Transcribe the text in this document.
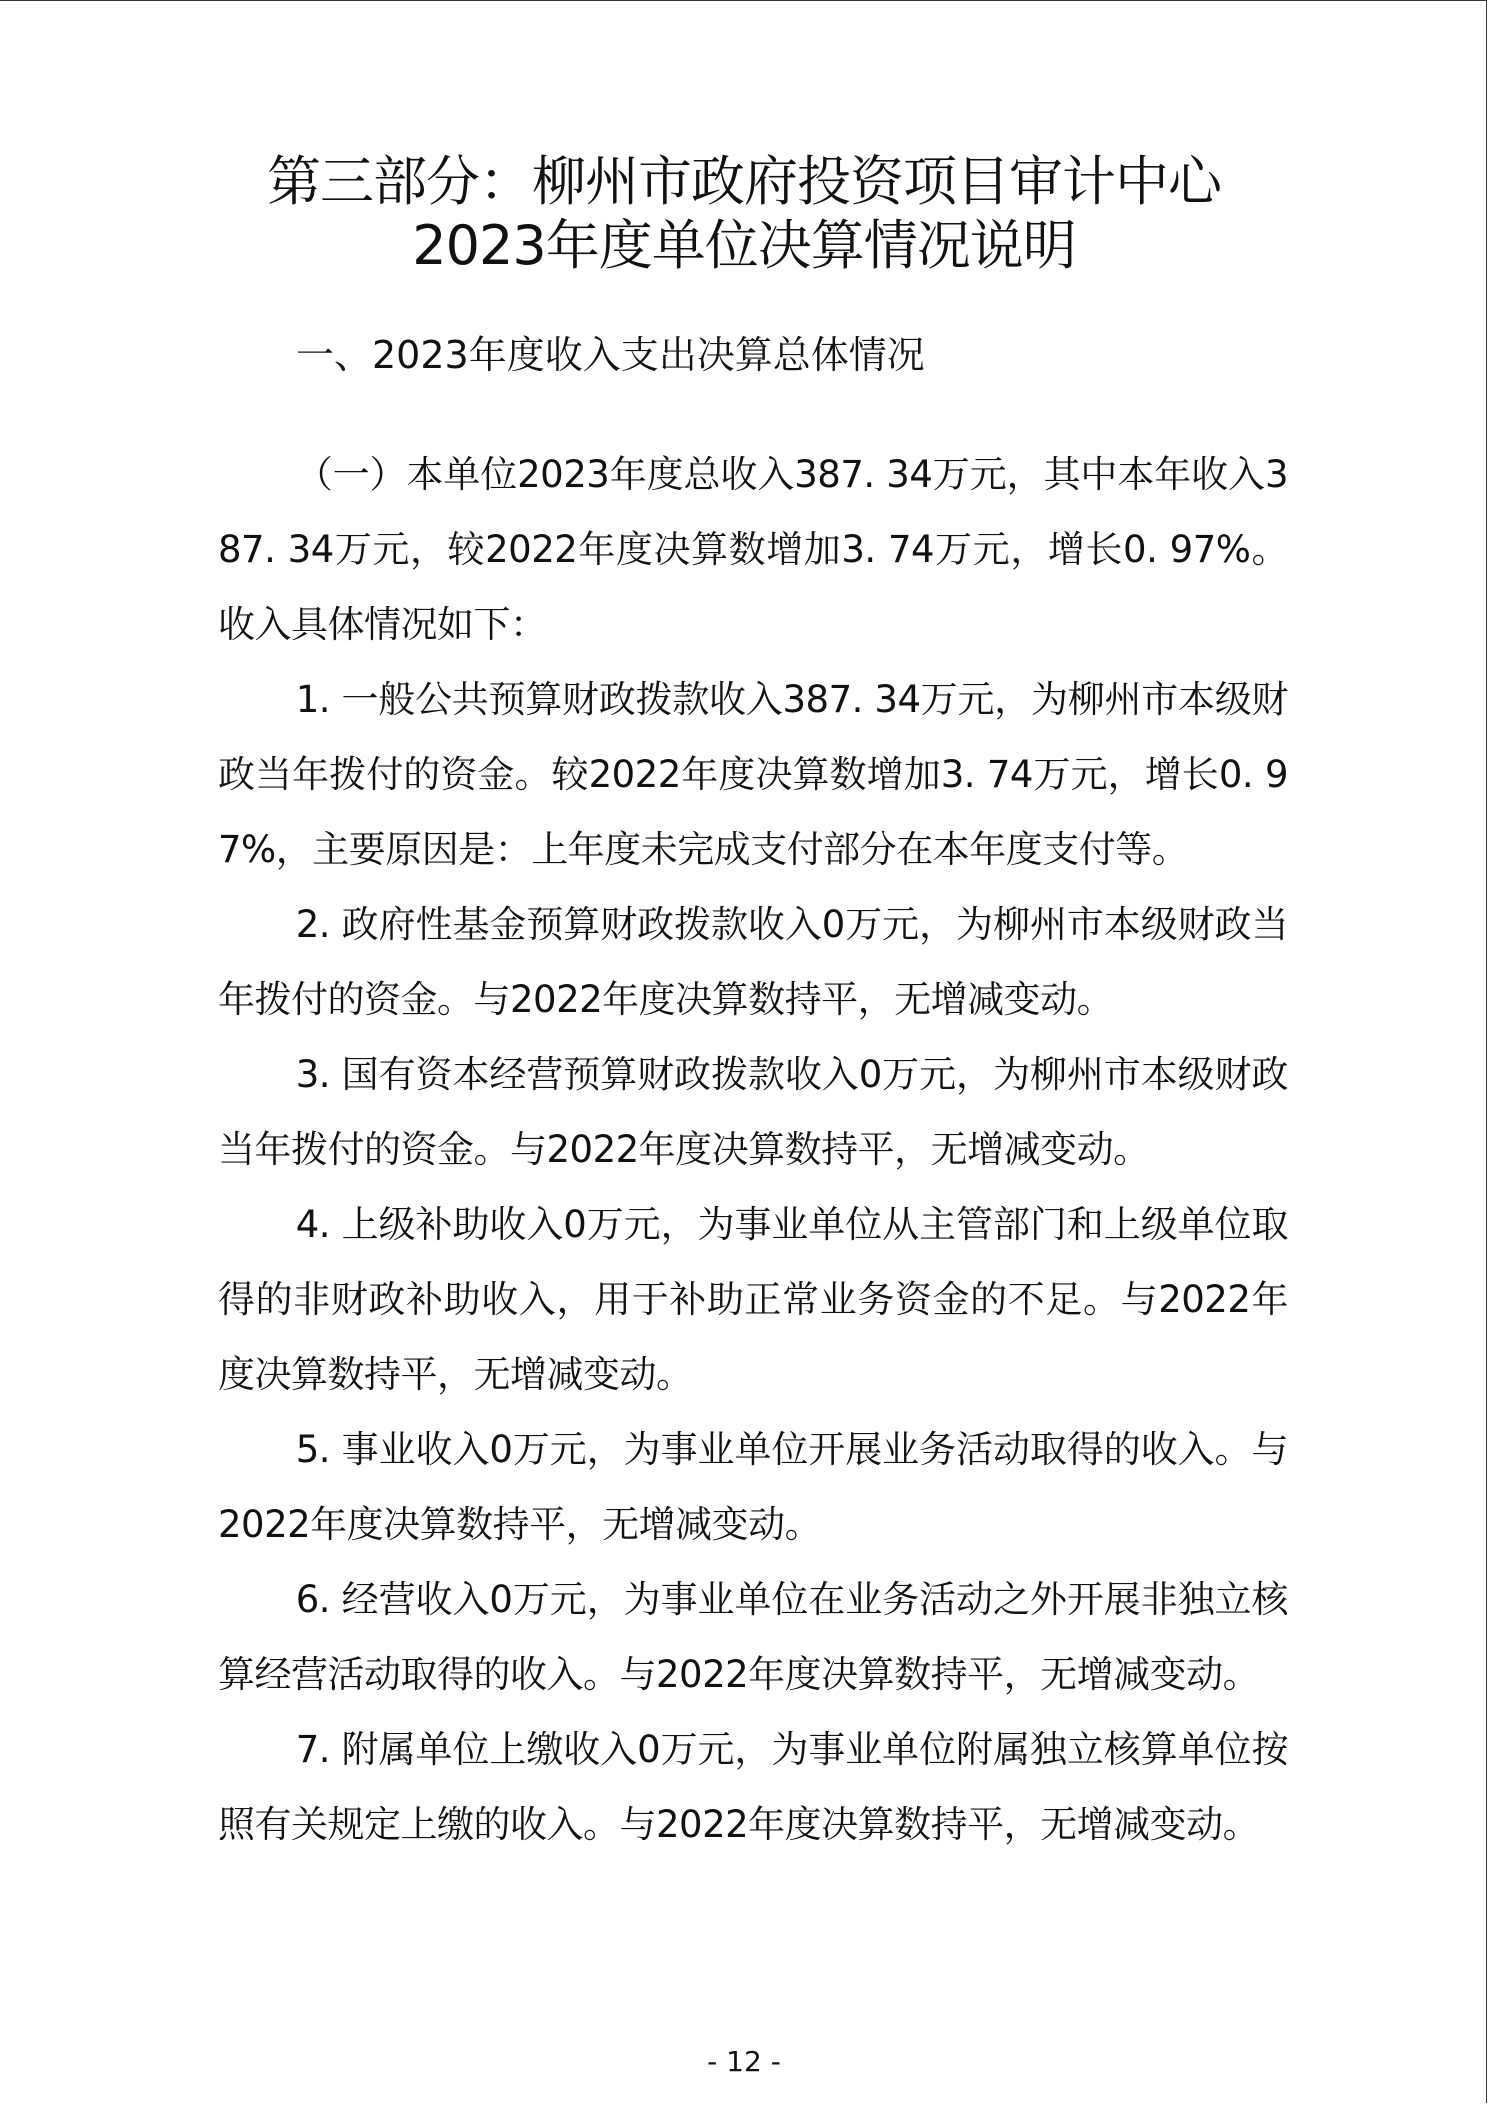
第三部分：柳州市政府投资项目审计中心
2023年度单位决算情况说明
一、2023年度收入支出决算总体情况

（一）本单位2023年度总收入387. 34万元，其中本年收入387. 34万元，较2022年度决算数增加3. 74万元，增长0. 97%。收入具体情况如下：

1. 一般公共预算财政拨款收入387. 34万元，为柳州市本级财政当年拨付的资金。较2022年度决算数增加3. 74万元，增长0. 97%，主要原因是：上年度未完成支付部分在本年度支付等。

2. 政府性基金预算财政拨款收入0万元，为柳州市本级财政当年拨付的资金。与2022年度决算数持平，无增减变动。

3. 国有资本经营预算财政拨款收入0万元，为柳州市本级财政当年拨付的资金。与2022年度决算数持平，无增减变动。

4. 上级补助收入0万元，为事业单位从主管部门和上级单位取得的非财政补助收入，用于补助正常业务资金的不足。与2022年度决算数持平，无增减变动。

5. 事业收入0万元，为事业单位开展业务活动取得的收入。与2022年度决算数持平，无增减变动。

6. 经营收入0万元，为事业单位在业务活动之外开展非独立核算经营活动取得的收入。与2022年度决算数持平，无增减变动。

7. 附属单位上缴收入0万元，为事业单位附属独立核算单位按照有关规定上缴的收入。与2022年度决算数持平，无增减变动。

- 12 -
